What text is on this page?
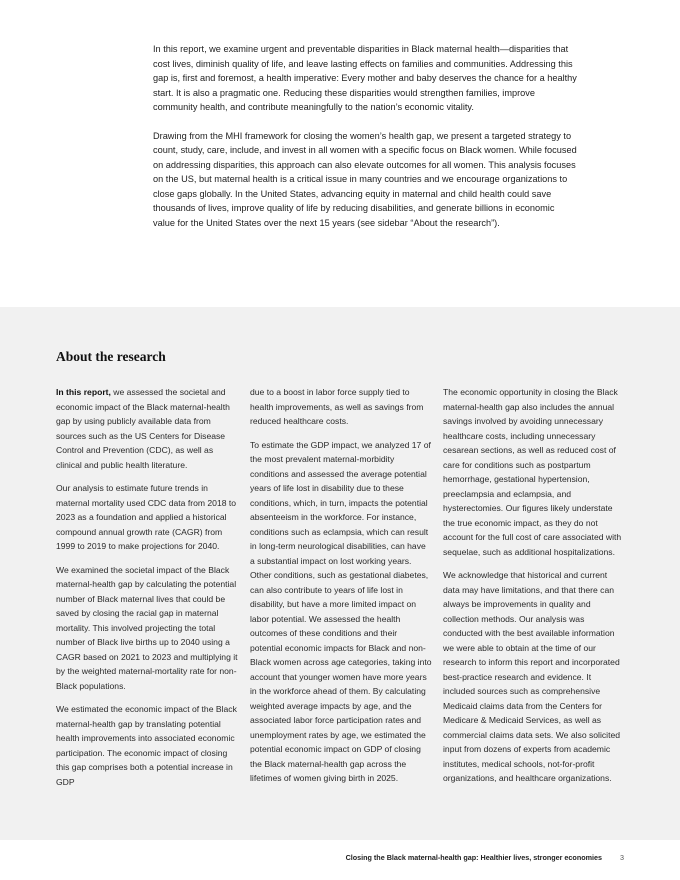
In this report, we examine urgent and preventable disparities in Black maternal health—disparities that cost lives, diminish quality of life, and leave lasting effects on families and communities. Addressing this gap is, first and foremost, a health imperative: Every mother and baby deserves the chance for a healthy start. It is also a pragmatic one. Reducing these disparities would strengthen families, improve community health, and contribute meaningfully to the nation’s economic vitality.

Drawing from the MHI framework for closing the women’s health gap, we present a targeted strategy to count, study, care, include, and invest in all women with a specific focus on Black women. While focused on addressing disparities, this approach can also elevate outcomes for all women. This analysis focuses on the US, but maternal health is a critical issue in many countries and we encourage organizations to close gaps globally. In the United States, advancing equity in maternal and child health could save thousands of lives, improve quality of life by reducing disabilities, and generate billions in economic value for the United States over the next 15 years (see sidebar “About the research”).

About the research

In this report, we assessed the societal and economic impact of the Black maternal-health gap by using publicly available data from sources such as the US Centers for Disease Control and Prevention (CDC), as well as clinical and public health literature.

Our analysis to estimate future trends in maternal mortality used CDC data from 2018 to 2023 as a foundation and applied a historical compound annual growth rate (CAGR) from 1999 to 2019 to make projections for 2040.

We examined the societal impact of the Black maternal-health gap by calculating the potential number of Black maternal lives that could be saved by closing the racial gap in maternal mortality. This involved projecting the total number of Black live births up to 2040 using a CAGR based on 2021 to 2023 and multiplying it by the weighted maternal-mortality rate for non-Black populations.

We estimated the economic impact of the Black maternal-health gap by translating potential health improvements into associated economic participation. The economic impact of closing this gap comprises both a potential increase in GDP

due to a boost in labor force supply tied to health improvements, as well as savings from reduced healthcare costs.

To estimate the GDP impact, we analyzed 17 of the most prevalent maternal-morbidity conditions and assessed the average potential years of life lost in disability due to these conditions, which, in turn, impacts the potential absenteeism in the workforce. For instance, conditions such as eclampsia, which can result in long-term neurological disabilities, can have a substantial impact on lost working years. Other conditions, such as gestational diabetes, can also contribute to years of life lost in disability, but have a more limited impact on labor potential. We assessed the health outcomes of these conditions and their potential economic impacts for Black and non-Black women across age categories, taking into account that younger women have more years in the workforce ahead of them. By calculating weighted average impacts by age, and the associated labor force participation rates and unemployment rates by age, we estimated the potential economic impact on GDP of closing the Black maternal-health gap across the lifetimes of women giving birth in 2025.

The economic opportunity in closing the Black maternal-health gap also includes the annual savings involved by avoiding unnecessary healthcare costs, including unnecessary cesarean sections, as well as reduced cost of care for conditions such as postpartum hemorrhage, gestational hypertension, preeclampsia and eclampsia, and hysterectomies. Our figures likely understate the true economic impact, as they do not account for the full cost of care associated with sequelae, such as additional hospitalizations.

We acknowledge that historical and current data may have limitations, and that there can always be improvements in quality and collection methods. Our analysis was conducted with the best available information we were able to obtain at the time of our research to inform this report and incorporated best-practice research and evidence. It included sources such as comprehensive Medicaid claims data from the Centers for Medicare & Medicaid Services, as well as commercial claims data sets. We also solicited input from dozens of experts from academic institutes, medical schools, not-for-profit organizations, and healthcare organizations.

Closing the Black maternal-health gap: Healthier lives, stronger economies	3
